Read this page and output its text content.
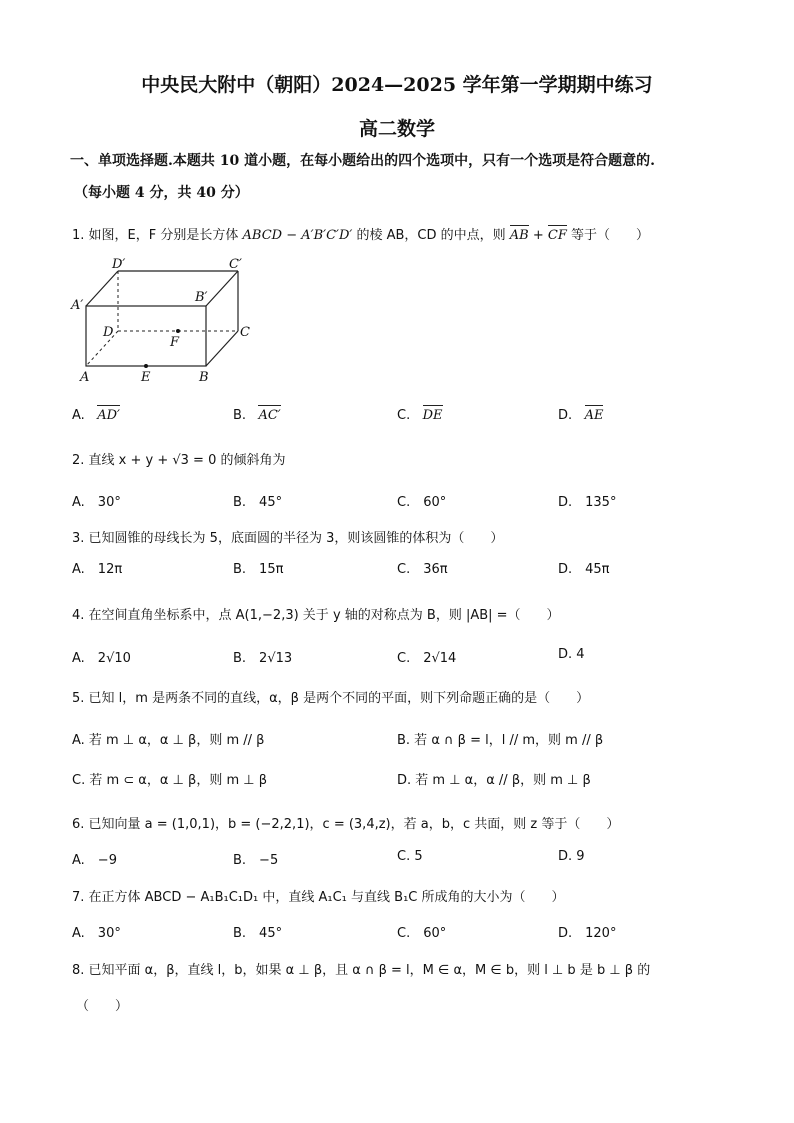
中央民大附中（朝阳）2024—2025 学年第一学期期中练习
高二数学
一、单项选择题.本题共 10 道小题，在每小题给出的四个选项中，只有一个选项是符合题意的.
（每小题 4 分，共 40 分）
1. 如图，E，F 分别是长方体 ABCD − A′B′C′D′ 的棱 AB，CD 的中点，则 AB + CF 等于（　　）
D′	C′
A′
B′
D	C
F
A	E	B
A. AD′	B. AC′	C. DE	D. AE
2. 直线 x + y + √3 = 0 的倾斜角为
A.　30°	B.　45°	C.　60°	D.　135°
3. 已知圆锥的母线长为 5，底面圆的半径为 3，则该圆锥的体积为（　　）
A.　12π	B.　15π	C.　36π	D.　45π
4. 在空间直角坐标系中，点 A(1,−2,3) 关于 y 轴的对称点为 B，则 |AB| =（　　）
A.　2√10	B.　2√13	C.　2√14	D. 4
5. 已知 l，m 是两条不同的直线，α，β 是两个不同的平面，则下列命题正确的是（　　）
A. 若 m ⊥ α，α ⊥ β，则 m // β	B. 若 α ∩ β = l，l // m，则 m // β
C. 若 m ⊂ α，α ⊥ β，则 m ⊥ β	D. 若 m ⊥ α，α // β，则 m ⊥ β
6. 已知向量 a = (1,0,1)，b = (−2,2,1)，c = (3,4,z)，若 a，b，c 共面，则 z 等于（　　）
A.　−9	B.　−5	C. 5	D. 9
7. 在正方体 ABCD − A₁B₁C₁D₁ 中，直线 A₁C₁ 与直线 B₁C 所成角的大小为（　　）
A.　30°	B.　45°	C.　60°	D.　120°
8. 已知平面 α，β，直线 l，b，如果 α ⊥ β，且 α ∩ β = l，M ∈ α，M ∈ b，则 l ⊥ b 是 b ⊥ β 的
（　　）
